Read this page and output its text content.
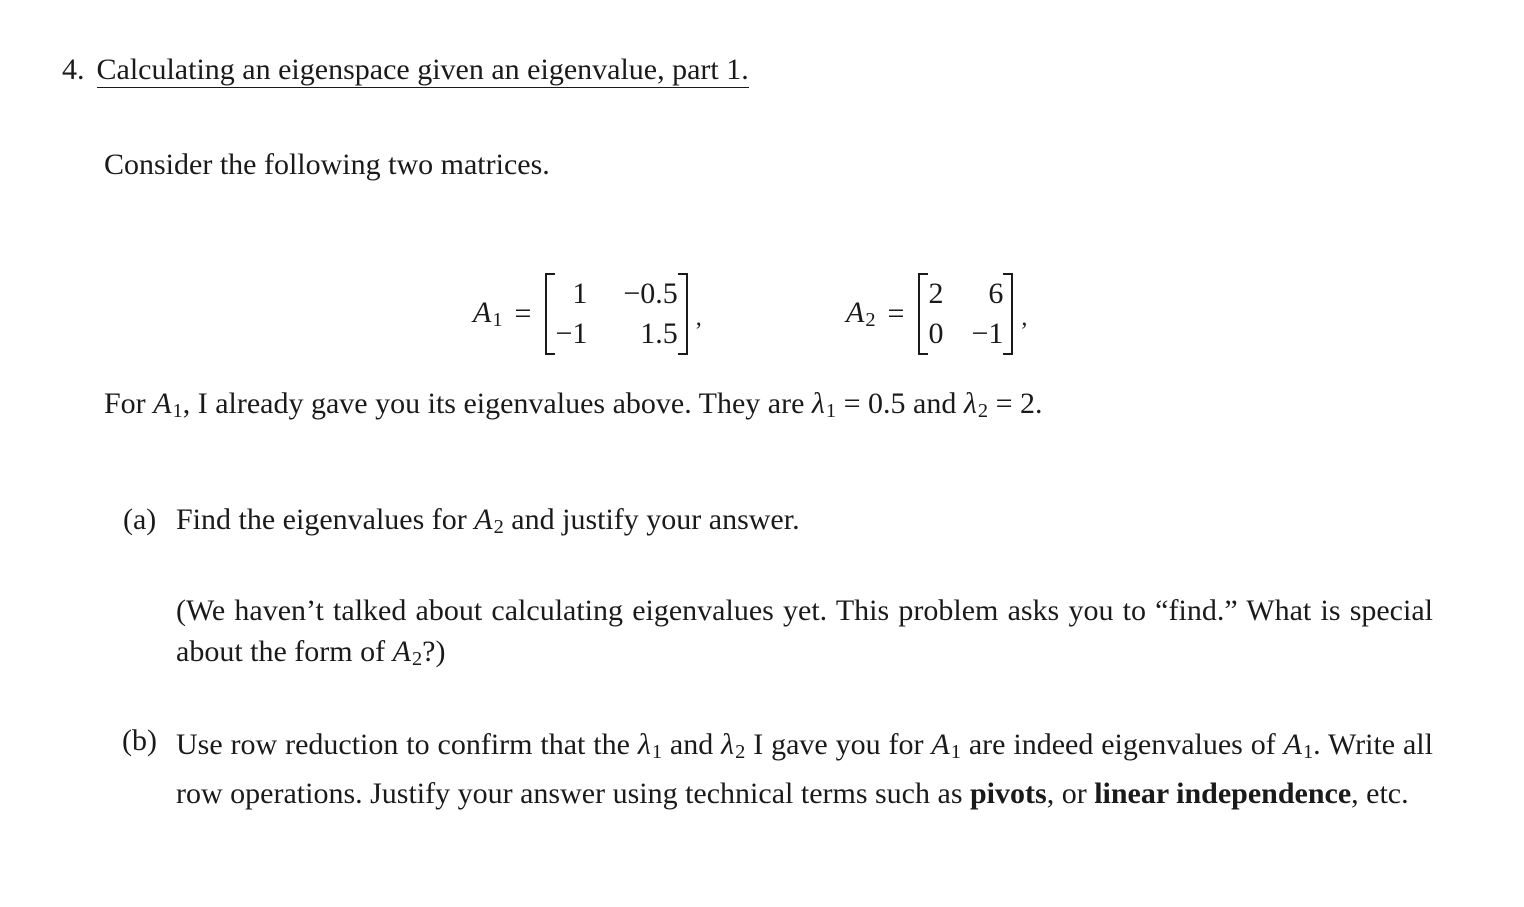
4. Calculating an eigenspace given an eigenvalue, part 1.
Consider the following two matrices.
$A_1$ =
1 −0.5
−1	1.5 ,	$A_2$ =
2	6
0 −1 ,
For $A_1$, I already gave you its eigenvalues above. They are $\lambda_1 = 0.5$ and $\lambda_2 = 2$.
(a) Find the eigenvalues for $A_2$ and justify your answer.
(We haven’t talked about calculating eigenvalues yet. This problem asks you to “find.” What is special about the form of $A_2$?)
(b) Use row reduction to confirm that the $\lambda_1$ and $\lambda_2$ I gave you for $A_1$ are indeed eigenvalues of $A_1$. Write all row operations. Justify your answer using technical terms such as pivots, or linear independence, etc.
